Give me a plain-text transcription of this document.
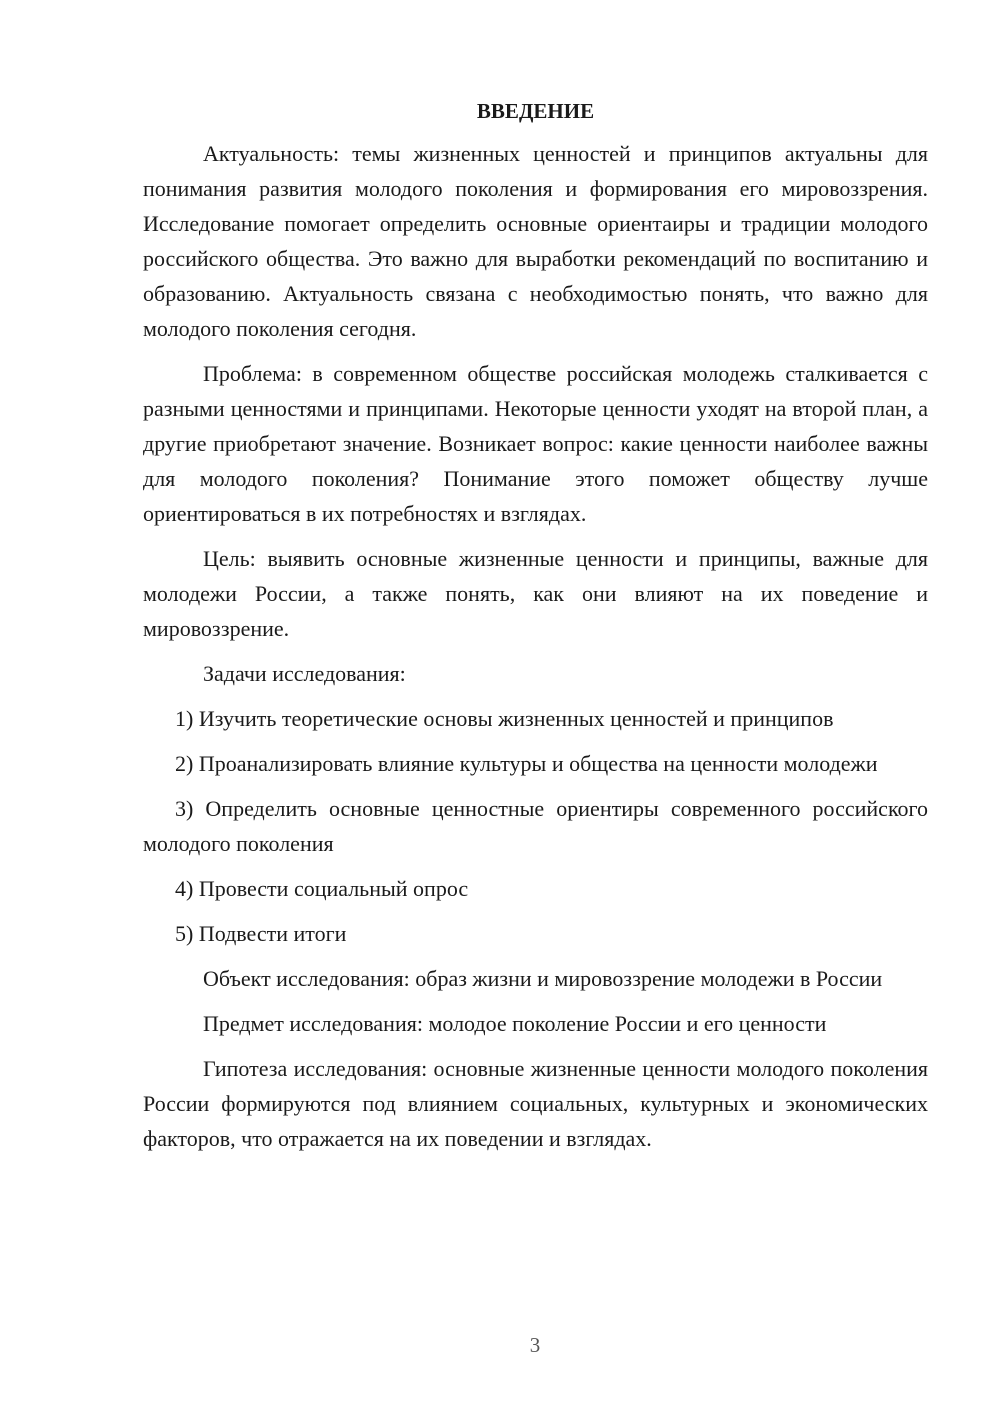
ВВЕДЕНИЕ

Актуальность: темы жизненных ценностей и принципов актуальны для понимания развития молодого поколения и формирования его мировоззрения. Исследование помогает определить основные ориентаиры и традиции молодого российского общества. Это важно для выработки рекомендаций по воспитанию и образованию. Актуальность связана с необходимостью понять, что важно для молодого поколения сегодня.

Проблема: в современном обществе российская молодежь сталкивается с разными ценностями и принципами. Некоторые ценности уходят на второй план, а другие приобретают значение. Возникает вопрос: какие ценности наиболее важны для молодого поколения? Понимание этого поможет обществу лучше ориентироваться в их потребностях и взглядах.

Цель: выявить основные жизненные ценности и принципы, важные для молодежи России, а также понять, как они влияют на их поведение и мировоззрение.

Задачи исследования:

1) Изучить теоретические основы жизненных ценностей и принципов

2) Проанализировать влияние культуры и общества на ценности молодежи

3) Определить основные ценностные ориентиры современного российского молодого поколения

4) Провести социальный опрос

5) Подвести итоги

Объект исследования: образ жизни и мировоззрение молодежи в России

Предмет исследования: молодое поколение России и его ценности

Гипотеза исследования: основные жизненные ценности молодого поколения России формируются под влиянием социальных, культурных и экономических факторов, что отражается на их поведении и взглядах.

3
